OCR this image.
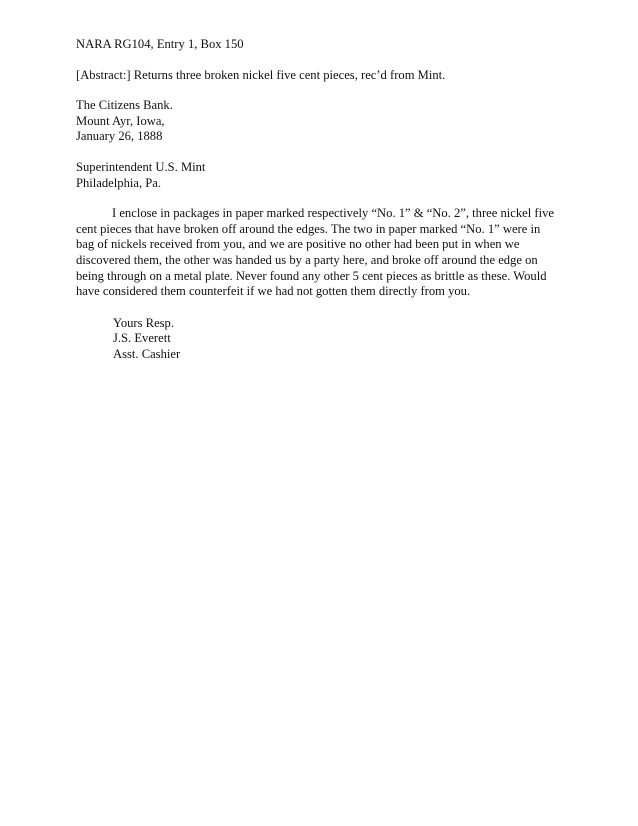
NARA RG104, Entry 1, Box 150
[Abstract:] Returns three broken nickel five cent pieces, rec’d from Mint.
The Citizens Bank.
Mount Ayr, Iowa,
January 26, 1888
Superintendent U.S. Mint
Philadelphia, Pa.

I enclose in packages in paper marked respectively “No. 1” & “No. 2”, three nickel five cent pieces that have broken off around the edges. The two in paper marked “No. 1” were in bag of nickels received from you, and we are positive no other had been put in when we discovered them, the other was handed us by a party here, and broke off around the edge on being through on a metal plate. Never found any other 5 cent pieces as brittle as these. Would have considered them counterfeit if we had not gotten them directly from you.

Yours Resp.
J.S. Everett
Asst. Cashier
